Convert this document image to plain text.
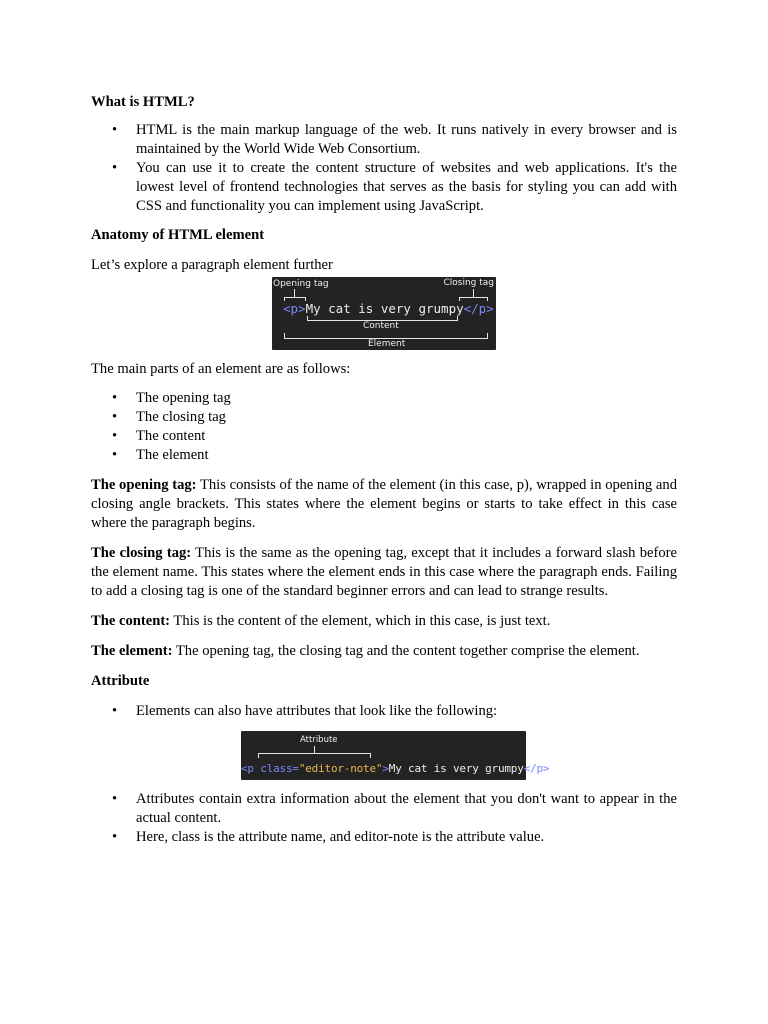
What is HTML?

• HTML is the main markup language of the web. It runs natively in every browser and is maintained by the World Wide Web Consortium.
• You can use it to create the content structure of websites and web applications. It's the lowest level of frontend technologies that serves as the basis for styling you can add with CSS and functionality you can implement using JavaScript.

Anatomy of HTML element

Let’s explore a paragraph element further

Opening tag	Closing tag
<p>My cat is very grumpy</p>
Content
Element

The main parts of an element are as follows:

• The opening tag
• The closing tag
• The content
• The element

The opening tag: This consists of the name of the element (in this case, p), wrapped in opening and closing angle brackets. This states where the element begins or starts to take effect in this case where the paragraph begins.

The closing tag: This is the same as the opening tag, except that it includes a forward slash before the element name. This states where the element ends in this case where the paragraph ends. Failing to add a closing tag is one of the standard beginner errors and can lead to strange results.

The content: This is the content of the element, which in this case, is just text.

The element: The opening tag, the closing tag and the content together comprise the element.

Attribute

• Elements can also have attributes that look like the following:
Attribute
<p class="editor-note">My cat is very grumpy</p>
• Attributes contain extra information about the element that you don't want to appear in the actual content.
• Here, class is the attribute name, and editor-note is the attribute value.
